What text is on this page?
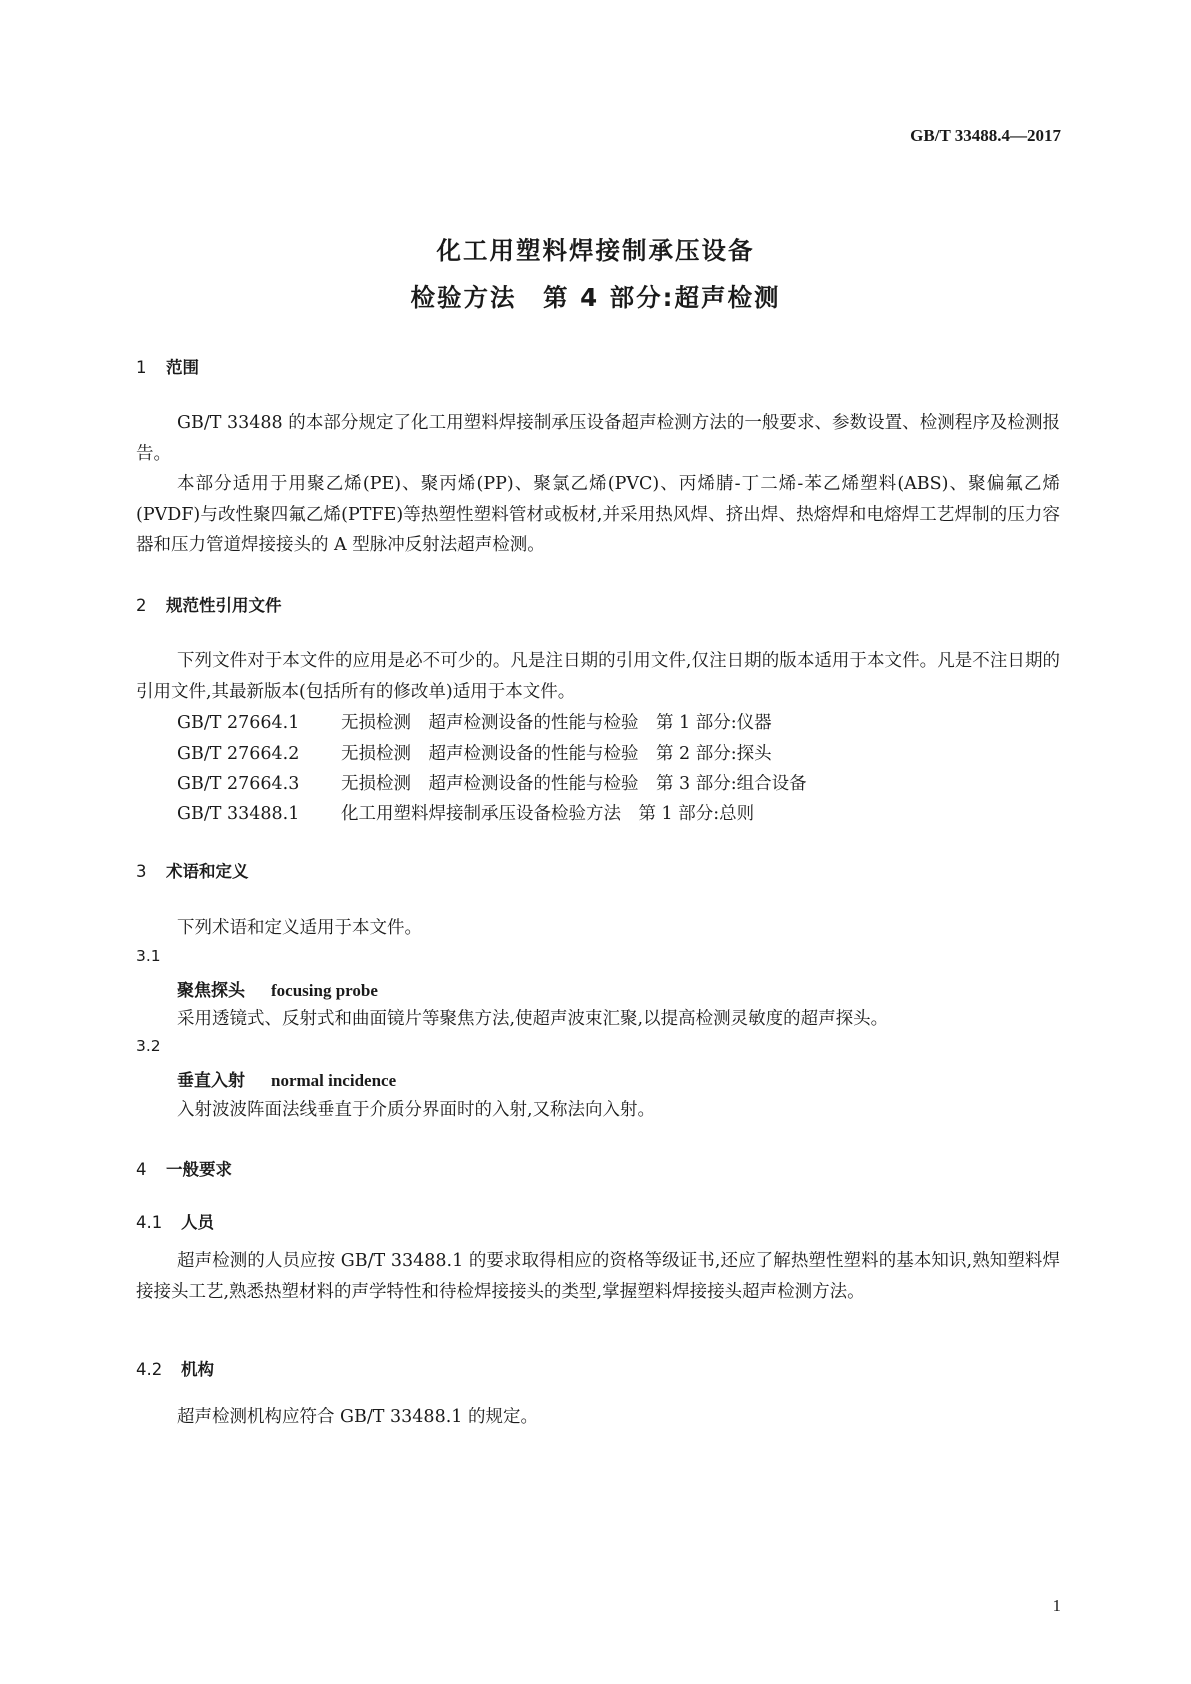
GB/T 33488.4—2017
化工用塑料焊接制承压设备
检验方法　第 4 部分:超声检测
1 范围

GB/T 33488 的本部分规定了化工用塑料焊接制承压设备超声检测方法的一般要求、参数设置、检测程序及检测报告。

本部分适用于用聚乙烯(PE)、聚丙烯(PP)、聚氯乙烯(PVC)、丙烯腈-丁二烯-苯乙烯塑料(ABS)、聚偏氟乙烯(PVDF)与改性聚四氟乙烯(PTFE)等热塑性塑料管材或板材,并采用热风焊、挤出焊、热熔焊和电熔焊工艺焊制的压力容器和压力管道焊接接头的 A 型脉冲反射法超声检测。

2 规范性引用文件

下列文件对于本文件的应用是必不可少的。凡是注日期的引用文件,仅注日期的版本适用于本文件。凡是不注日期的引用文件,其最新版本(包括所有的修改单)适用于本文件。

GB/T 27664.1 无损检测　超声检测设备的性能与检验　第 1 部分:仪器
GB/T 27664.2 无损检测　超声检测设备的性能与检验　第 2 部分:探头
GB/T 27664.3 无损检测　超声检测设备的性能与检验　第 3 部分:组合设备
GB/T 33488.1 化工用塑料焊接制承压设备检验方法　第 1 部分:总则
3 术语和定义
下列术语和定义适用于本文件。
3.1
聚焦探头 focusing probe
采用透镜式、反射式和曲面镜片等聚焦方法,使超声波束汇聚,以提高检测灵敏度的超声探头。
3.2
垂直入射 normal incidence
入射波波阵面法线垂直于介质分界面时的入射,又称法向入射。
4 一般要求
4.1 人员

超声检测的人员应按 GB/T 33488.1 的要求取得相应的资格等级证书,还应了解热塑性塑料的基本知识,熟知塑料焊接接头工艺,熟悉热塑材料的声学特性和待检焊接接头的类型,掌握塑料焊接接头超声检测方法。

4.2 机构
超声检测机构应符合 GB/T 33488.1 的规定。
1
